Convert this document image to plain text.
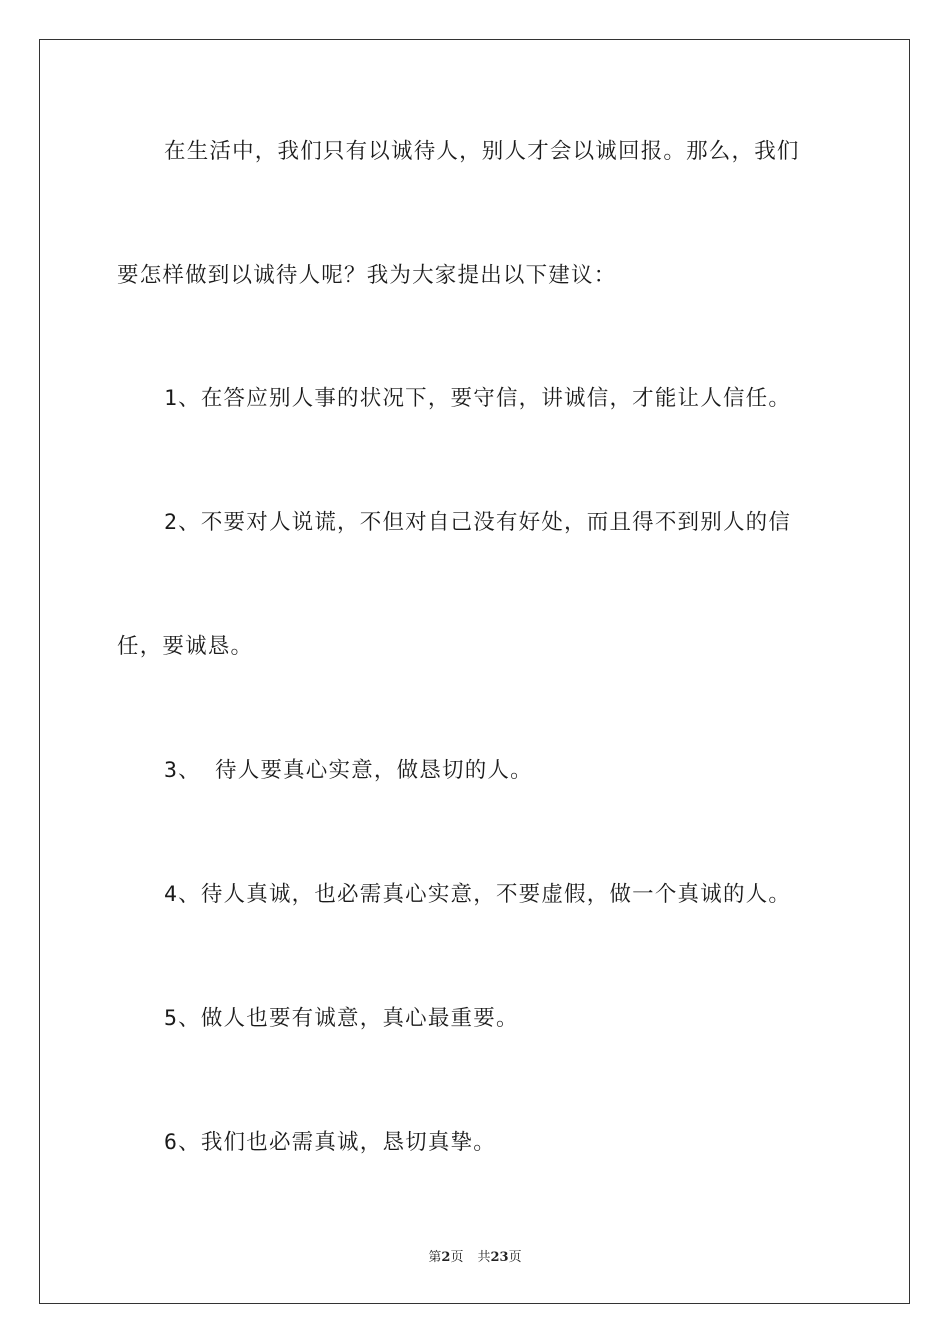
在生活中，我们只有以诚待人，别人才会以诚回报。那么，我们
要怎样做到以诚待人呢？我为大家提出以下建议：
1、在答应别人事的状况下，要守信，讲诚信，才能让人信任。
2、不要对人说谎，不但对自己没有好处，而且得不到别人的信
任，要诚恳。
3、 待人要真心实意，做恳切的人。
4、待人真诚，也必需真心实意，不要虚假，做一个真诚的人。
5、做人也要有诚意，真心最重要。
6、我们也必需真诚，恳切真挚。
第2页 共23页
